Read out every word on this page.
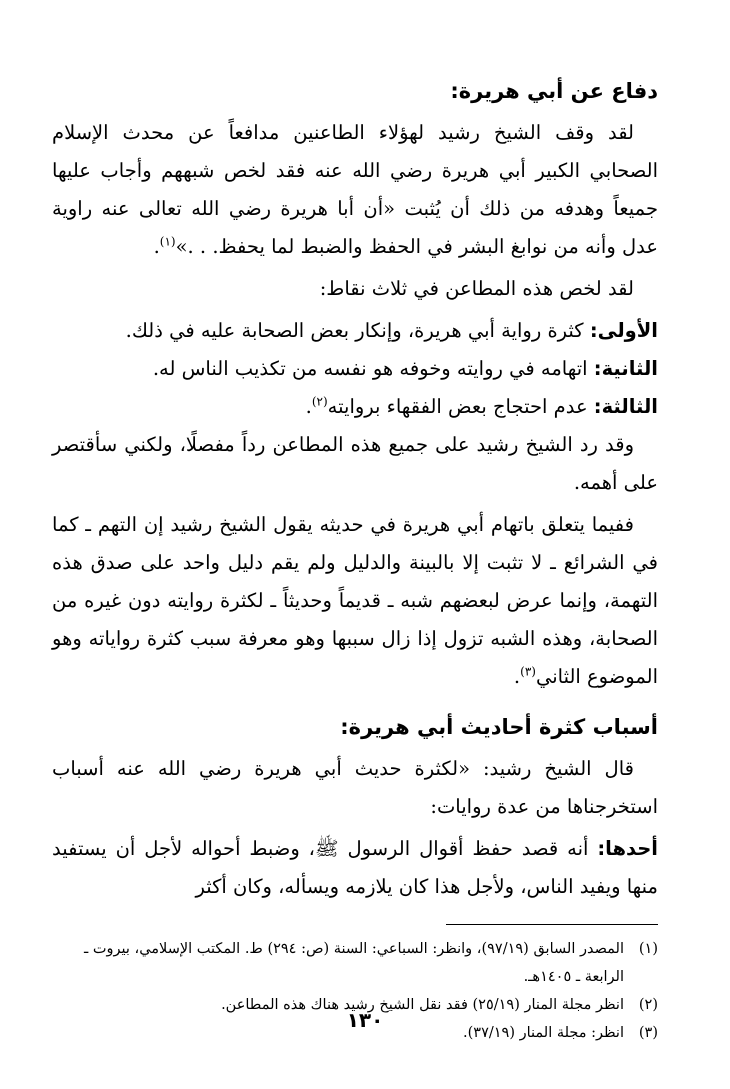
دفاع عن أبي هريرة:

لقد وقف الشيخ رشيد لهؤلاء الطاعنين مدافعاً عن محدث الإسلام الصحابي الكبير أبي هريرة رضي الله عنه فقد لخص شبههم وأجاب عليها جميعاً وهدفه من ذلك أن يُثبت «أن أبا هريرة رضي الله تعالى عنه راوية عدل وأنه من نوابغ البشر في الحفظ والضبط لما يحفظ. . .»$^{(١)}$.

لقد لخص هذه المطاعن في ثلاث نقاط:

الأولى: كثرة رواية أبي هريرة، وإنكار بعض الصحابة عليه في ذلك.

الثانية: اتهامه في روايته وخوفه هو نفسه من تكذيب الناس له.

الثالثة: عدم احتجاج بعض الفقهاء بروايته$^{(٢)}$.

وقد رد الشيخ رشيد على جميع هذه المطاعن رداً مفصلًا، ولكني سأقتصر على أهمه.

ففيما يتعلق باتهام أبي هريرة في حديثه يقول الشيخ رشيد إن التهم ـ كما في الشرائع ـ لا تثبت إلا بالبينة والدليل ولم يقم دليل واحد على صدق هذه التهمة، وإنما عرض لبعضهم شبه ـ قديماً وحديثاً ـ لكثرة روايته دون غيره من الصحابة، وهذه الشبه تزول إذا زال سببها وهو معرفة سبب كثرة رواياته وهو الموضوع الثاني$^{(٣)}$.

أسباب كثرة أحاديث أبي هريرة:

قال الشيخ رشيد: «لكثرة حديث أبي هريرة رضي الله عنه أسباب استخرجناها من عدة روايات:

أحدها: أنه قصد حفظ أقوال الرسول ﷺ، وضبط أحواله لأجل أن يستفيد منها ويفيد الناس، ولأجل هذا كان يلازمه ويسأله، وكان أكثر

(١)
المصدر السابق (٩٧/١٩)، وانظر: السباعي: السنة (ص: ٢٩٤) ط. المكتب الإسلامي، بيروت ـ الرابعة ـ ١٤٠٥هـ.

(٢)
انظر مجلة المنار (٢٥/١٩) فقد نقل الشيخ رشيد هناك هذه المطاعن.

(٣)
انظر: مجلة المنار (٣٧/١٩).

١٣٠
